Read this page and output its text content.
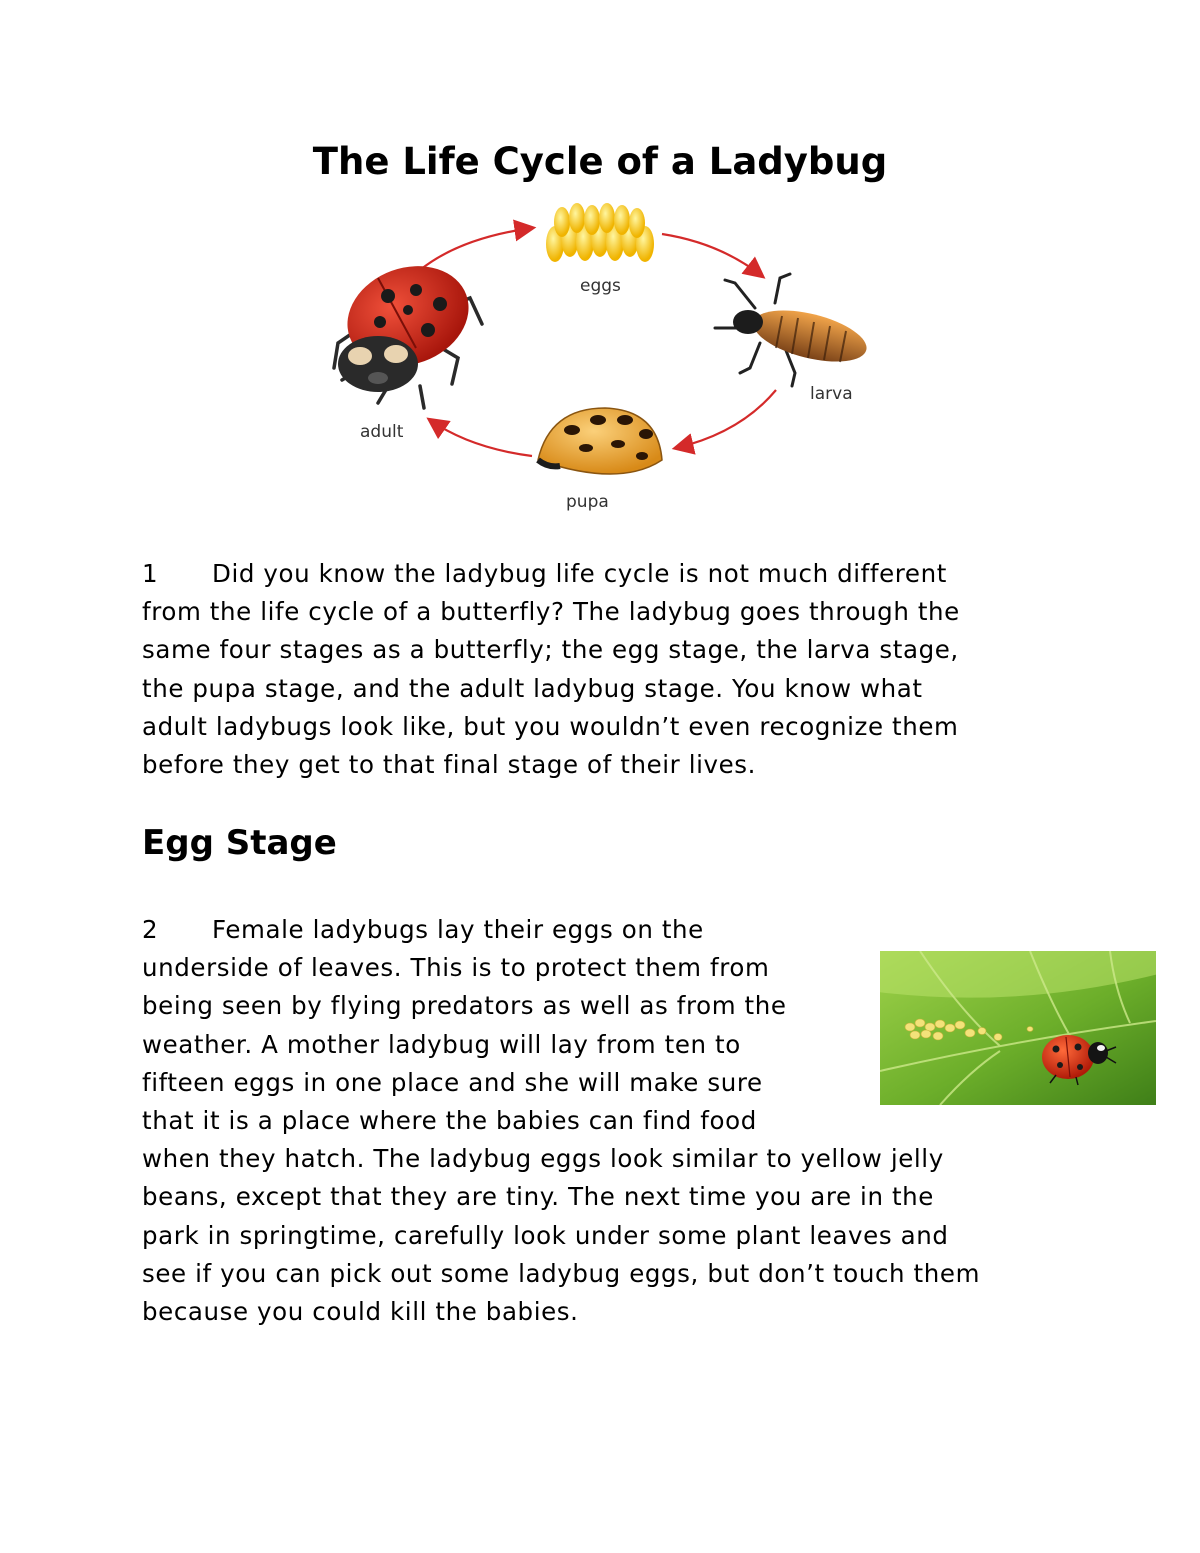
The Life Cycle of a Ladybug
eggs
larva
pupa
adult

1 Did you know the ladybug life cycle is not much different
from the life cycle of a butterfly? The ladybug goes through the
same four stages as a butterfly; the egg stage, the larva stage,
the pupa stage, and the adult ladybug stage. You know what
adult ladybugs look like, but you wouldn’t even recognize them
before they get to that final stage of their lives.

Egg Stage

2 Female ladybugs lay their eggs on the
underside of leaves. This is to protect them from
being seen by flying predators as well as from the
weather. A mother ladybug will lay from ten to
fifteen eggs in one place and she will make sure
that it is a place where the babies can find food
when they hatch. The ladybug eggs look similar to yellow jelly
beans, except that they are tiny. The next time you are in the
park in springtime, carefully look under some plant leaves and
see if you can pick out some ladybug eggs, but don’t touch them
because you could kill the babies.
